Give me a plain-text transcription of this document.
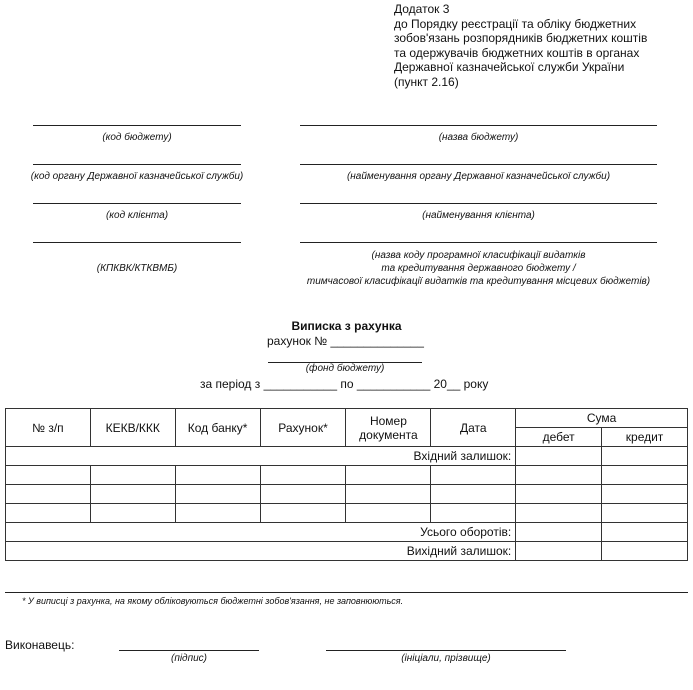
Додаток 3
до Порядку реєстрації та обліку бюджетних
зобов'язань розпорядників бюджетних коштів
та одержувачів бюджетних коштів в органах
Державної казначейської служби України
(пункт 2.16)
(код бюджету)	(назва бюджету)
(код органу Державної казначейської служби)	(найменування органу Державної казначейської служби)
(код клієнта)	(найменування клієнта)
(КПКВК/КТКВМБ)
(назва коду програмної класифікації видатків
та кредитування державного бюджету /
тимчасової класифікації видатків та кредитування місцевих бюджетів)
Виписка з рахунка
рахунок № ______________
(фонд бюджету)
за період з ___________ по ___________ 20__ року
№ з/п	КЕКВ/ККК	Код банку*	Рахунок*	Номер документа	Дата	Сума	
						дебет	кредит
Вхідний залишок:							

Усього оборотів:							
Вихідний залишок:							
* У виписці з рахунка, на якому обліковуються бюджетні зобов'язання, не заповнюються.
Виконавець:
(підпис)	(ініціали, прізвище)
